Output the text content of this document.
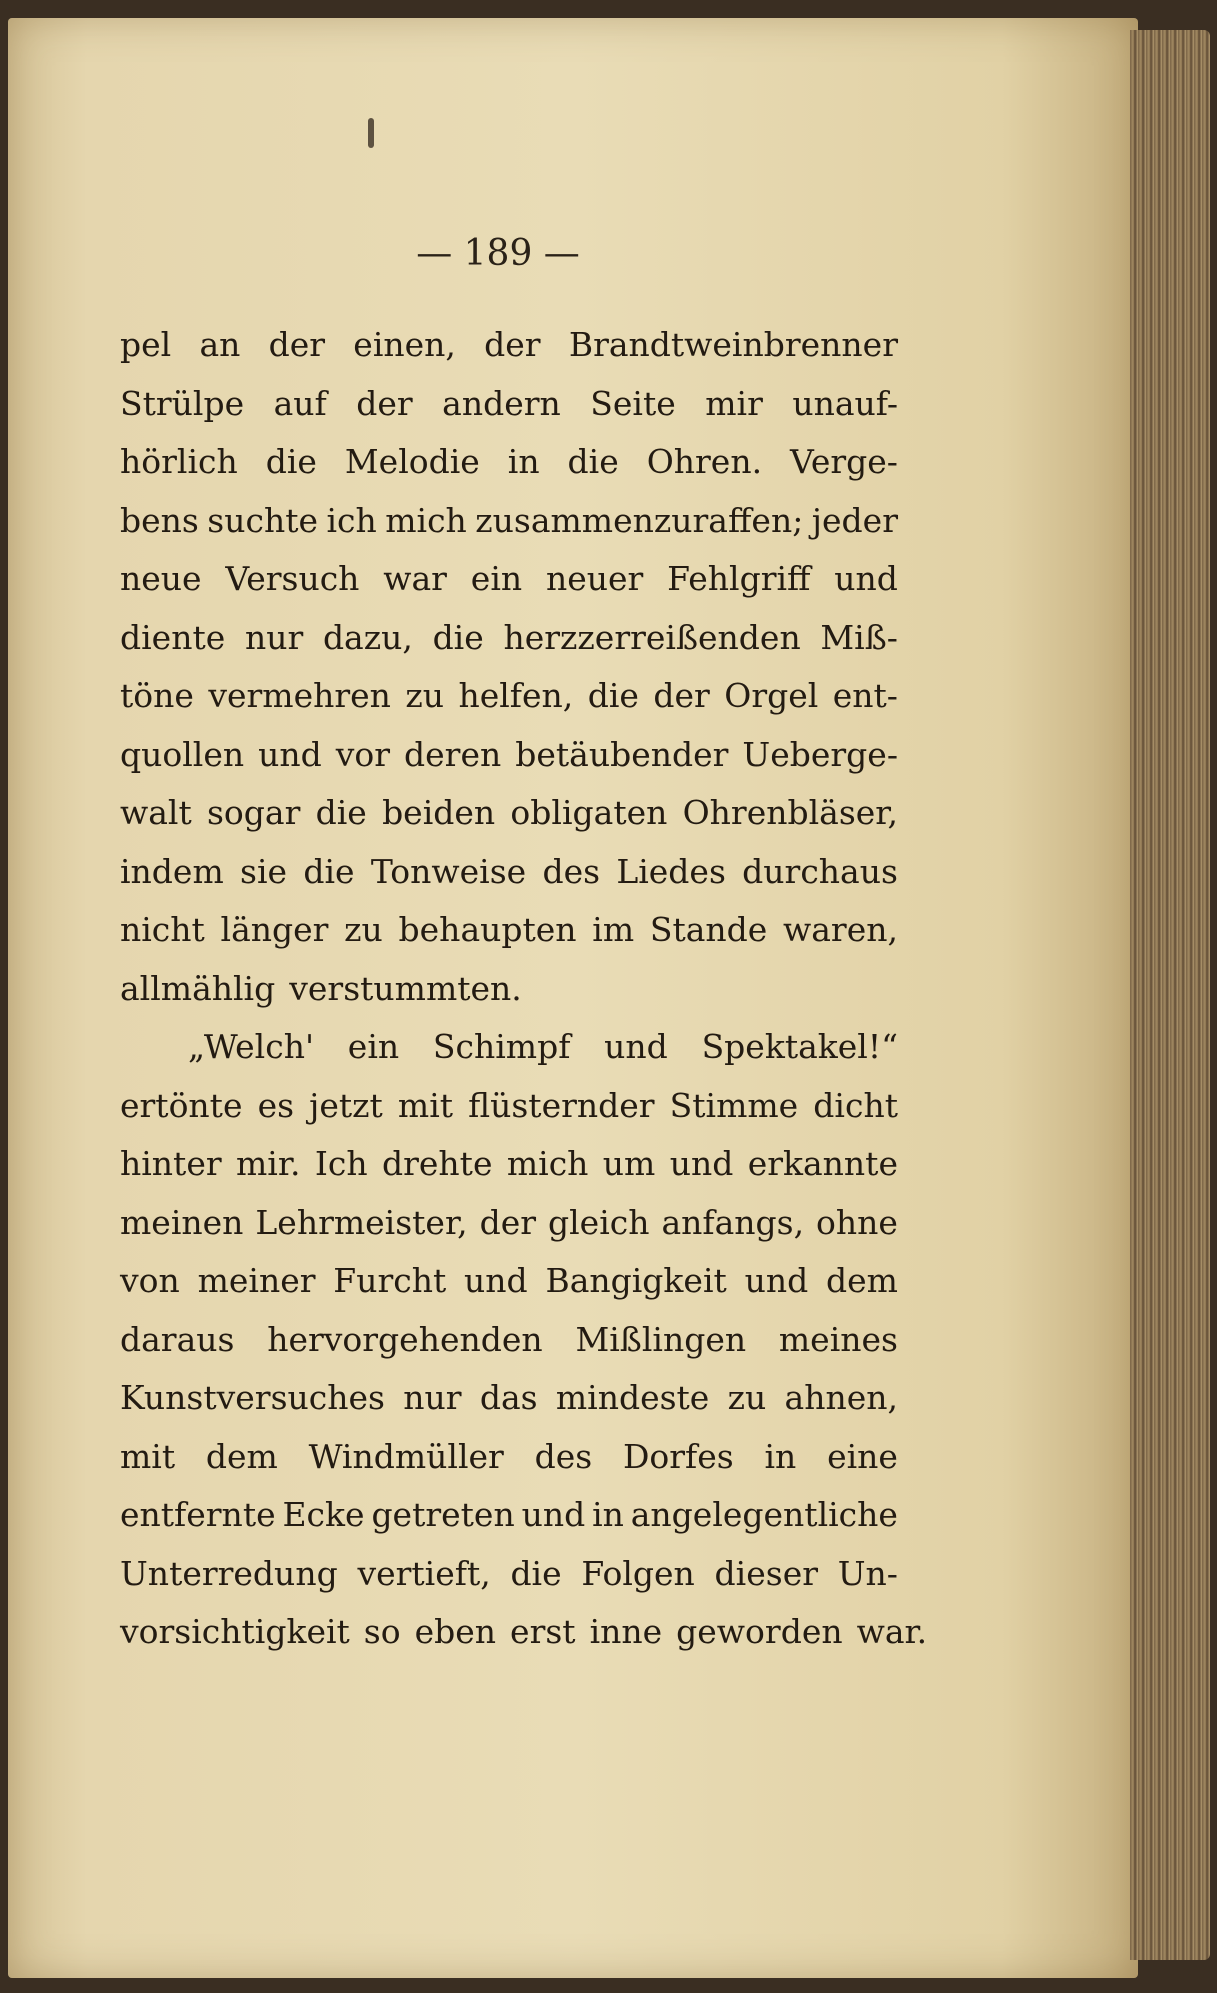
— 189 —
pel an der einen, der Brandtweinbrenner
Strülpe auf der andern Seite mir unauf-
hörlich die Melodie in die Ohren. Verge-
bens suchte ich mich zusammenzuraffen; jeder
neue Versuch war ein neuer Fehlgriff und
diente nur dazu, die herzzerreißenden Miß-
töne vermehren zu helfen, die der Orgel ent-
quollen und vor deren betäubender Ueberge-
walt sogar die beiden obligaten Ohrenbläser,
indem sie die Tonweise des Liedes durchaus
nicht länger zu behaupten im Stande waren,
allmählig verstummten.
„Welch' ein Schimpf und Spektakel!“
ertönte es jetzt mit flüsternder Stimme dicht
hinter mir. Ich drehte mich um und erkannte
meinen Lehrmeister, der gleich anfangs, ohne
von meiner Furcht und Bangigkeit und dem
daraus hervorgehenden Mißlingen meines
Kunstversuches nur das mindeste zu ahnen,
mit dem Windmüller des Dorfes in eine
entfernte Ecke getreten und in angelegentliche
Unterredung vertieft, die Folgen dieser Un-
vorsichtigkeit so eben erst inne geworden war.
